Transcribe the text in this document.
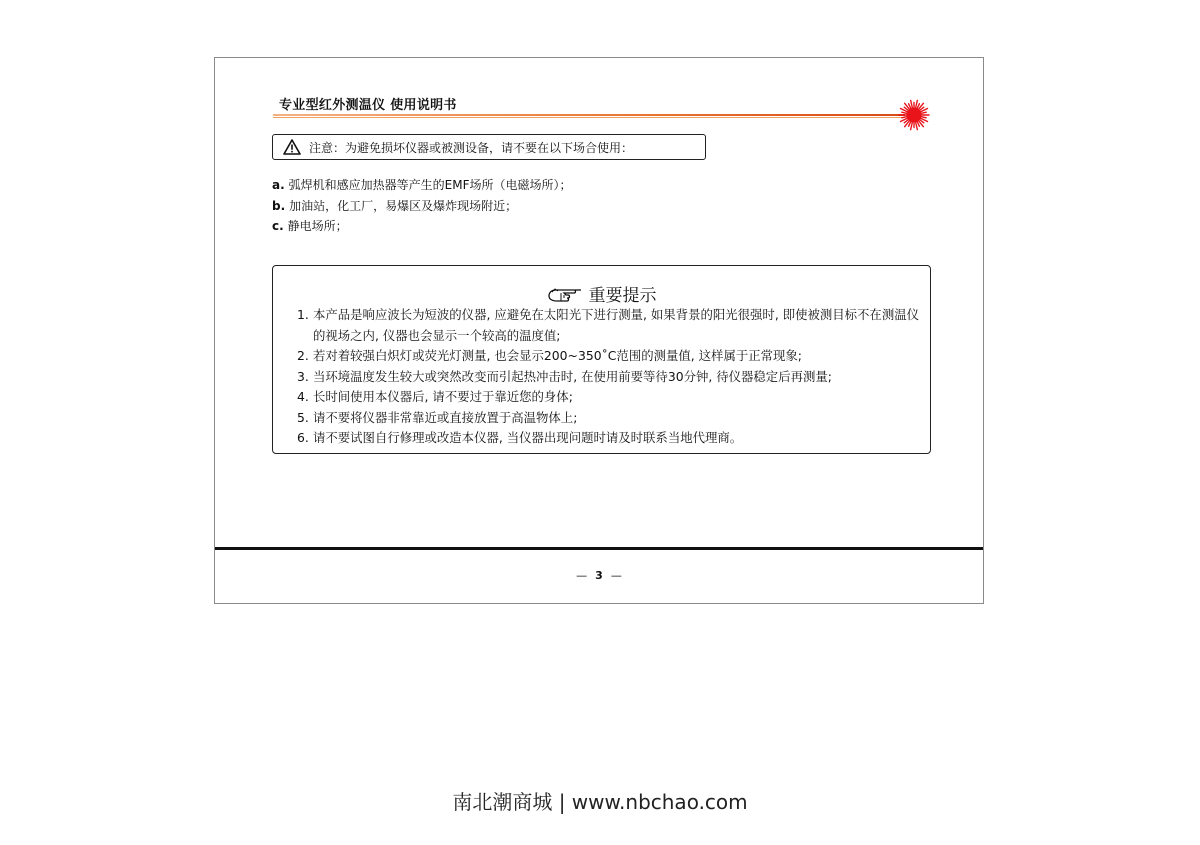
专业型红外测温仪 使用说明书
注意：为避免损坏仪器或被测设备，请不要在以下场合使用：
a. 弧焊机和感应加热器等产生的EMF场所（电磁场所）；
b. 加油站，化工厂，易爆区及爆炸现场附近；
c. 静电场所；
重要提示
1. 本产品是响应波长为短波的仪器, 应避免在太阳光下进行测量, 如果背景的阳光很强时, 即使被测目标不在测温仪的视场之内, 仪器也会显示一个较高的温度值;
2. 若对着较强白炽灯或荧光灯测量, 也会显示200~350˚C范围的测量值, 这样属于正常现象;
3. 当环境温度发生较大或突然改变而引起热冲击时, 在使用前要等待30分钟, 待仪器稳定后再测量;
4. 长时间使用本仪器后, 请不要过于靠近您的身体;
5. 请不要将仪器非常靠近或直接放置于高温物体上;
6. 请不要试图自行修理或改造本仪器, 当仪器出现问题时请及时联系当地代理商。
— 3 —
南北潮商城 | www.nbchao.com
